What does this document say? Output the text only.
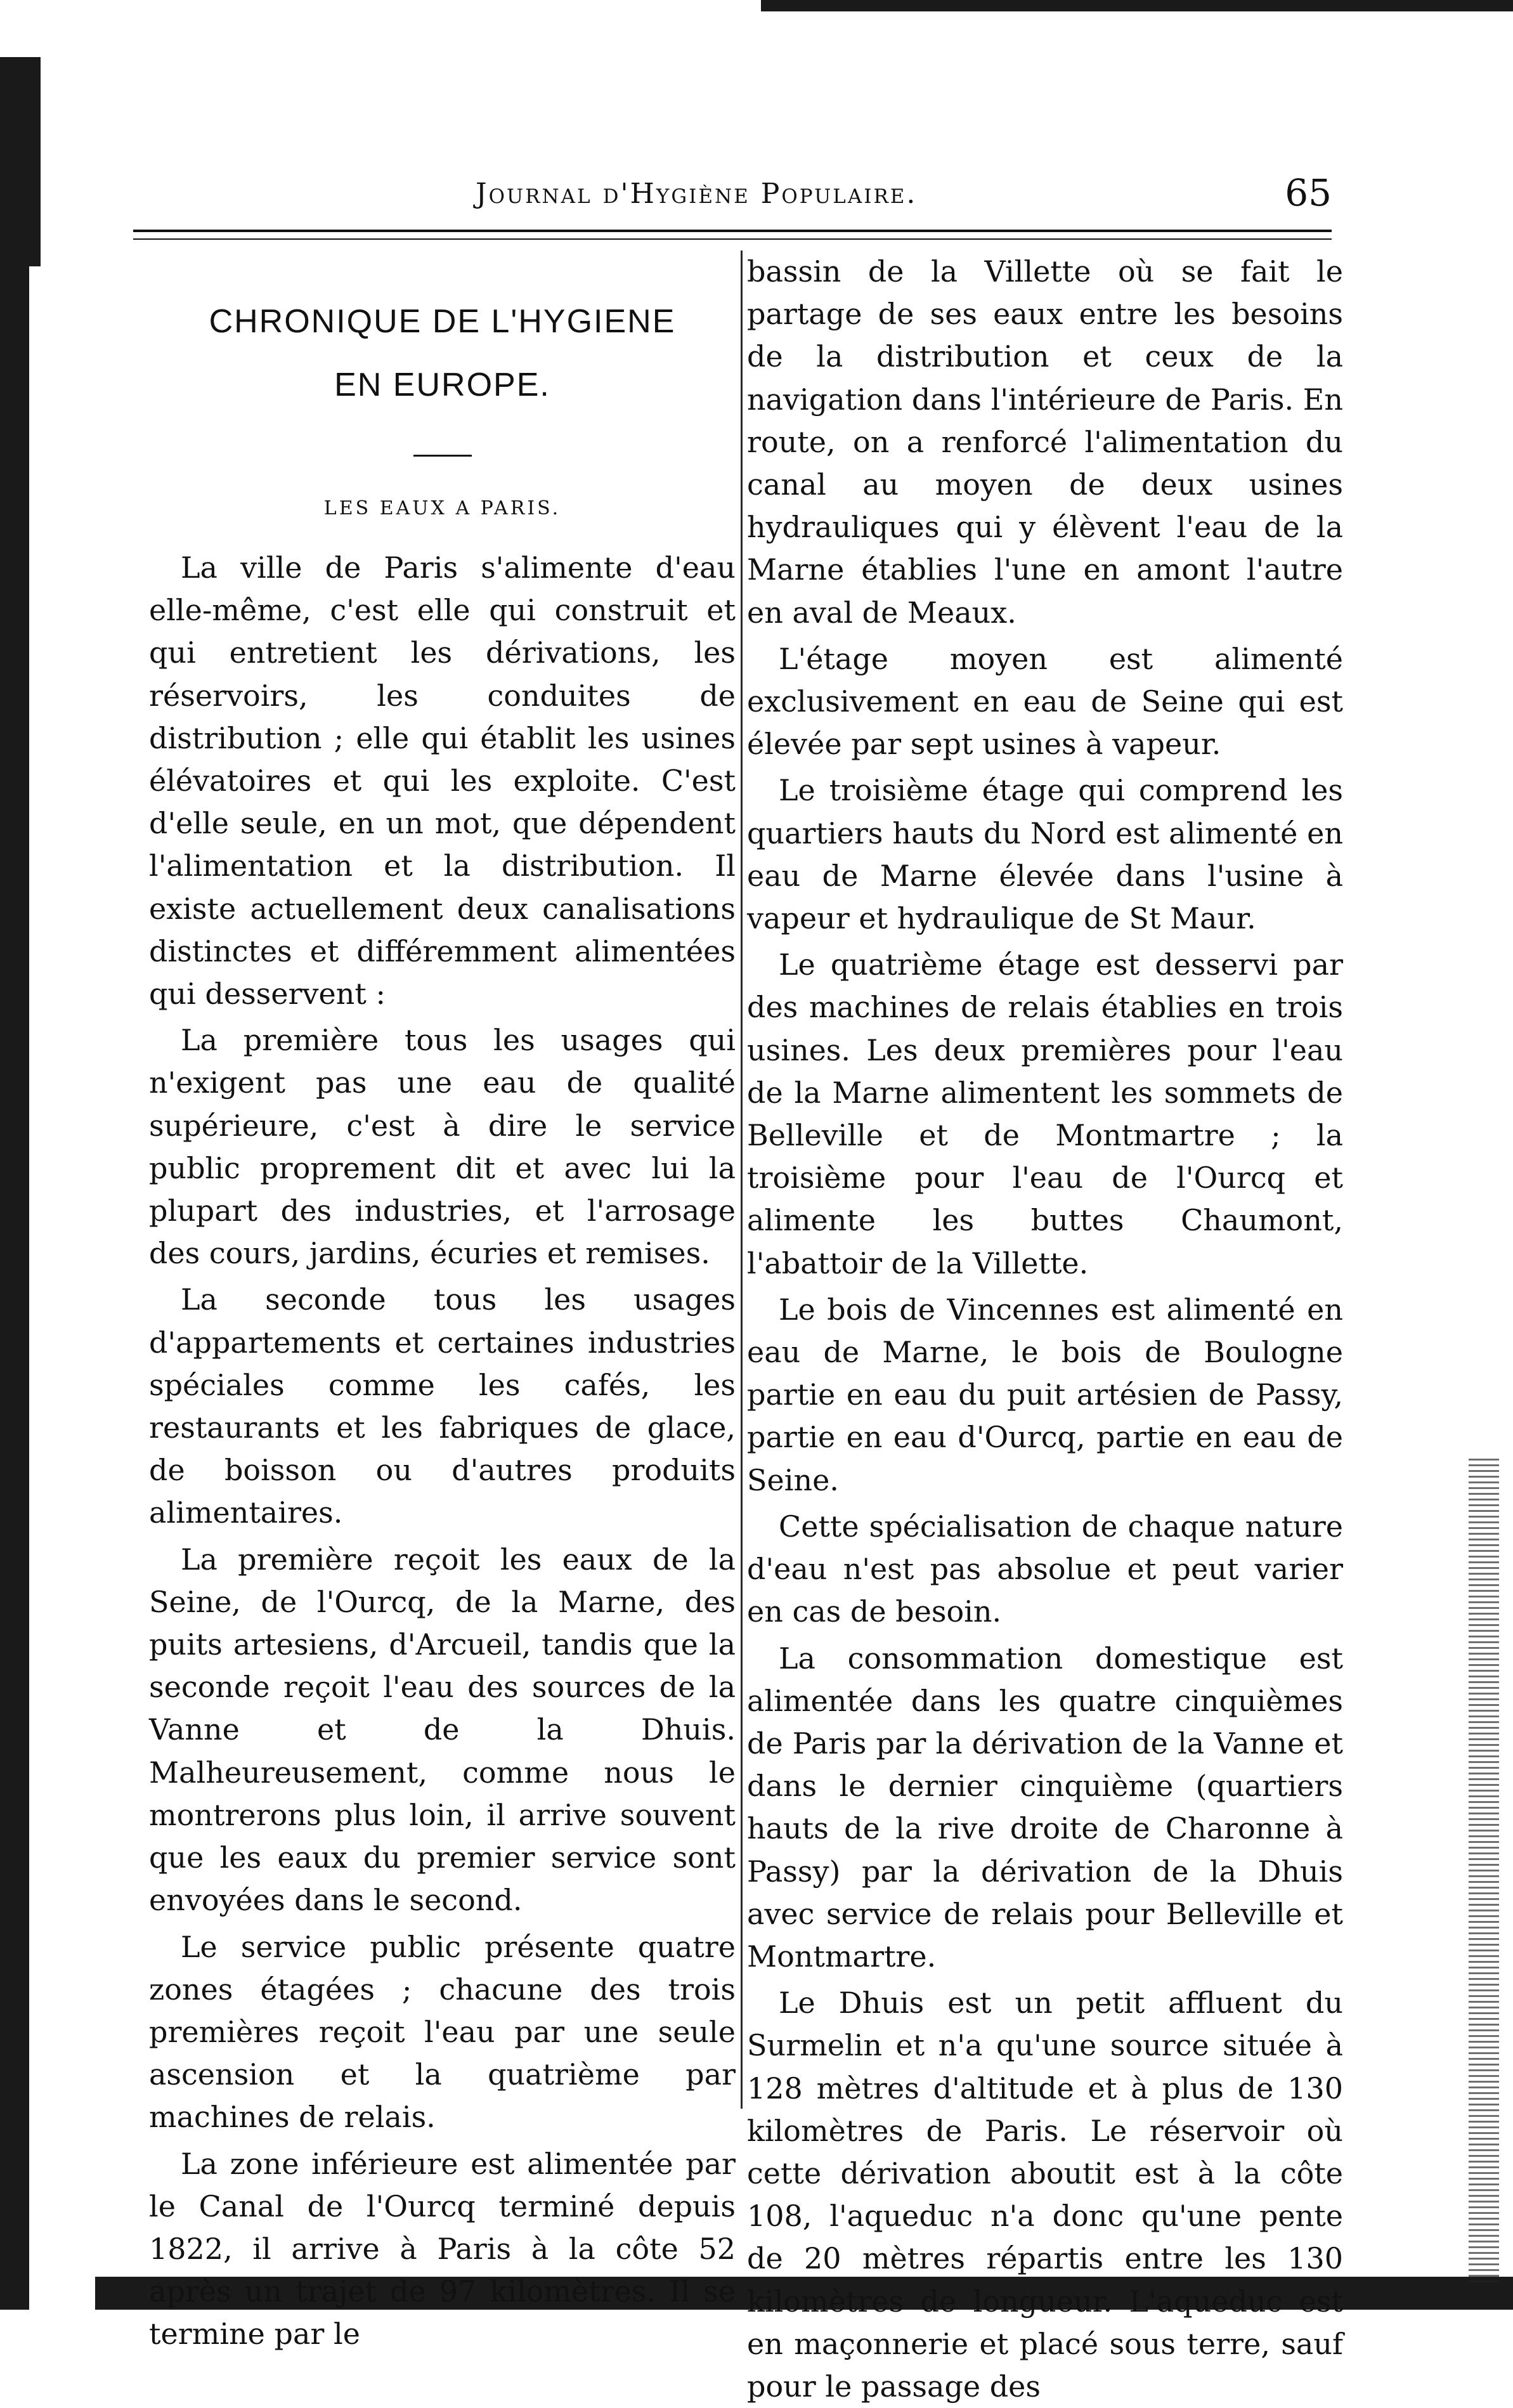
Journal d'Hygiène Populaire.	65
CHRONIQUE DE L'HYGIENE
EN EUROPE.
LES EAUX A PARIS.

La ville de Paris s'alimente d'eau elle-même, c'est elle qui construit et qui entretient les dérivations, les réservoirs, les conduites de distribution ; elle qui établit les usines élévatoires et qui les exploite. C'est d'elle seule, en un mot, que dépendent l'alimentation et la distribution. Il existe actuellement deux canalisations distinctes et différemment alimentées qui desservent :

La première tous les usages qui n'exigent pas une eau de qualité supérieure, c'est à dire le service public proprement dit et avec lui la plupart des industries, et l'arrosage des cours, jardins, écuries et remises.

La seconde tous les usages d'appartements et certaines industries spéciales comme les cafés, les restaurants et les fabriques de glace, de boisson ou d'autres produits alimentaires.

La première reçoit les eaux de la Seine, de l'Ourcq, de la Marne, des puits artesiens, d'Arcueil, tandis que la seconde reçoit l'eau des sources de la Vanne et de la Dhuis. Malheureusement, comme nous le montrerons plus loin, il arrive souvent que les eaux du premier service sont envoyées dans le second.

Le service public présente quatre zones étagées ; chacune des trois premières reçoit l'eau par une seule ascension et la quatrième par machines de relais.

La zone inférieure est alimentée par le Canal de l'Ourcq terminé depuis 1822, il arrive à Paris à la côte 52 après un trajet de 97 kilomètres. Il se termine par le

bassin de la Villette où se fait le partage de ses eaux entre les besoins de la distribution et ceux de la navigation dans l'intérieure de Paris. En route, on a renforcé l'alimentation du canal au moyen de deux usines hydrauliques qui y élèvent l'eau de la Marne établies l'une en amont l'autre en aval de Meaux.

L'étage moyen est alimenté exclusivement en eau de Seine qui est élevée par sept usines à vapeur.

Le troisième étage qui comprend les quartiers hauts du Nord est alimenté en eau de Marne élevée dans l'usine à vapeur et hydraulique de St Maur.

Le quatrième étage est desservi par des machines de relais établies en trois usines. Les deux premières pour l'eau de la Marne alimentent les sommets de Belleville et de Montmartre ; la troisième pour l'eau de l'Ourcq et alimente les buttes Chaumont, l'abattoir de la Villette.

Le bois de Vincennes est alimenté en eau de Marne, le bois de Boulogne partie en eau du puit artésien de Passy, partie en eau d'Ourcq, partie en eau de Seine.

Cette spécialisation de chaque nature d'eau n'est pas absolue et peut varier en cas de besoin.

La consommation domestique est alimentée dans les quatre cinquièmes de Paris par la dérivation de la Vanne et dans le dernier cinquième (quartiers hauts de la rive droite de Charonne à Passy) par la dérivation de la Dhuis avec service de relais pour Belleville et Montmartre.

Le Dhuis est un petit affluent du Surmelin et n'a qu'une source située à 128 mètres d'altitude et à plus de 130 kilomètres de Paris. Le réservoir où cette dérivation aboutit est à la côte 108, l'aqueduc n'a donc qu'une pente de 20 mètres répartis entre les 130 kilomètres de longueur. L'aqueduc est en maçonnerie et placé sous terre, sauf pour le passage des
